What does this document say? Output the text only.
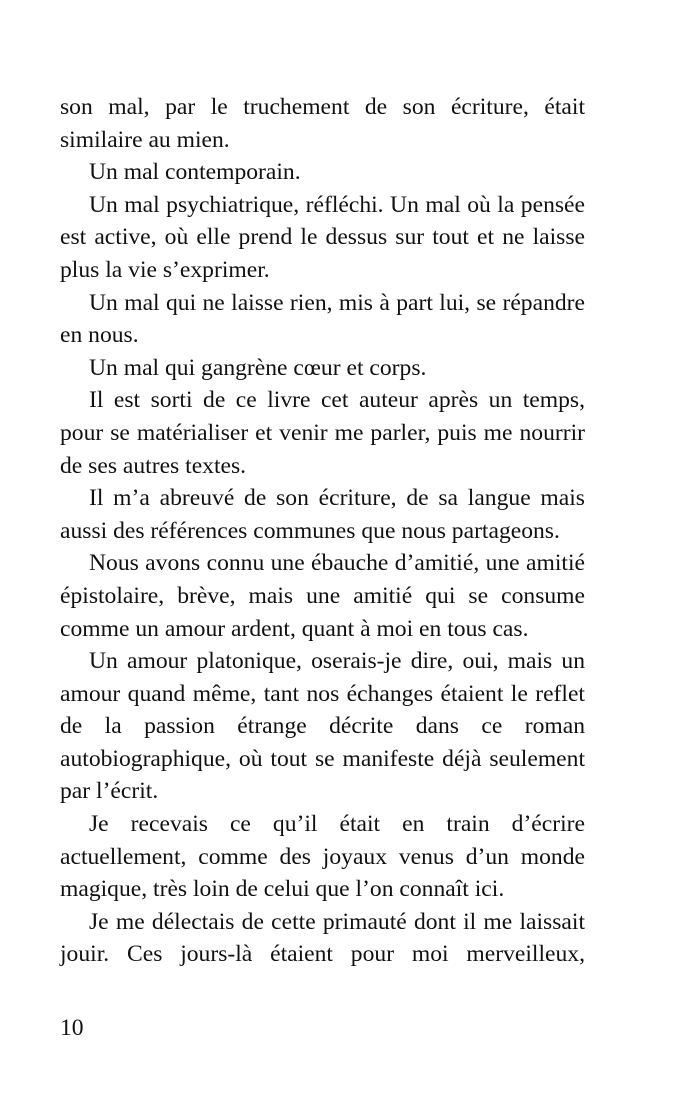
son mal, par le truchement de son écriture, était similaire au mien.

Un mal contemporain.

Un mal psychiatrique, réfléchi. Un mal où la pensée est active, où elle prend le dessus sur tout et ne laisse plus la vie s’exprimer.

Un mal qui ne laisse rien, mis à part lui, se répandre en nous.

Un mal qui gangrène cœur et corps.

Il est sorti de ce livre cet auteur après un temps, pour se matérialiser et venir me parler, puis me nourrir de ses autres textes.

Il m’a abreuvé de son écriture, de sa langue mais aussi des références communes que nous partageons.

Nous avons connu une ébauche d’amitié, une amitié épistolaire, brève, mais une amitié qui se consume comme un amour ardent, quant à moi en tous cas.

Un amour platonique, oserais-je dire, oui, mais un amour quand même, tant nos échanges étaient le reflet de la passion étrange décrite dans ce roman autobiographique, où tout se manifeste déjà seulement par l’écrit.

Je recevais ce qu’il était en train d’écrire actuellement, comme des joyaux venus d’un monde magique, très loin de celui que l’on connaît ici.

Je me délectais de cette primauté dont il me laissait jouir. Ces jours-là étaient pour moi merveilleux,

10
